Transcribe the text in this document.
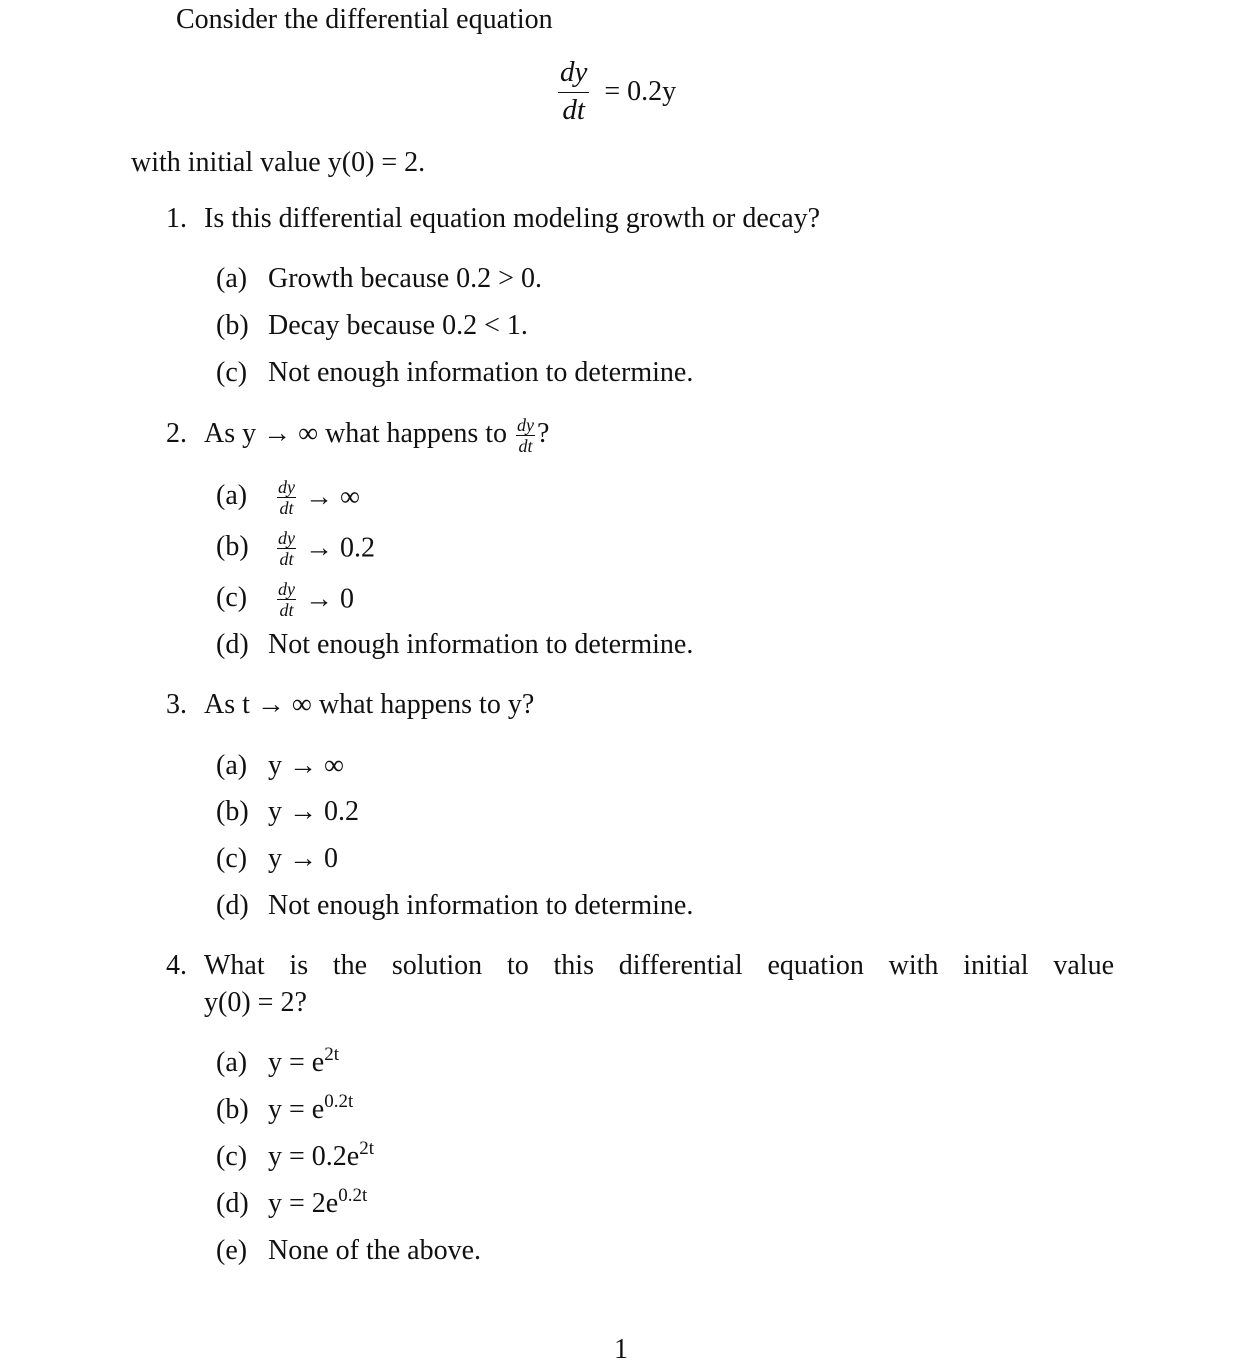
Consider the differential equation
$\frac{dy}{dt} = 0.2y$
with initial value y(0) = 2.
1. Is this differential equation modeling growth or decay?
(a) Growth because 0.2 > 0.
(b) Decay because 0.2 < 1.
(c) Not enough information to determine.
2. As y → ∞ what happens to $\frac{dy}{dt}$ ?
$(a) \frac{dy}{dt}$ → ∞
$(b) \frac{dy}{dt} \to 0.2$
$(c) \frac{dy}{dt} \to 0$
(d) Not enough information to determine.
3. As t → ∞ what happens to y?
(a) y → ∞
(b) y → 0.2
(c) y → 0
(d) Not enough information to determine.
4. What is the solution to this differential equation with initial value
y(0) = 2?
(a) $y = e^{2t}$
(b) $y = e^{0.2t}$
(c) $y = 0.2e^{2t}$
(d) $y = 2e^{0.2t}$
(e) None of the above.
1
